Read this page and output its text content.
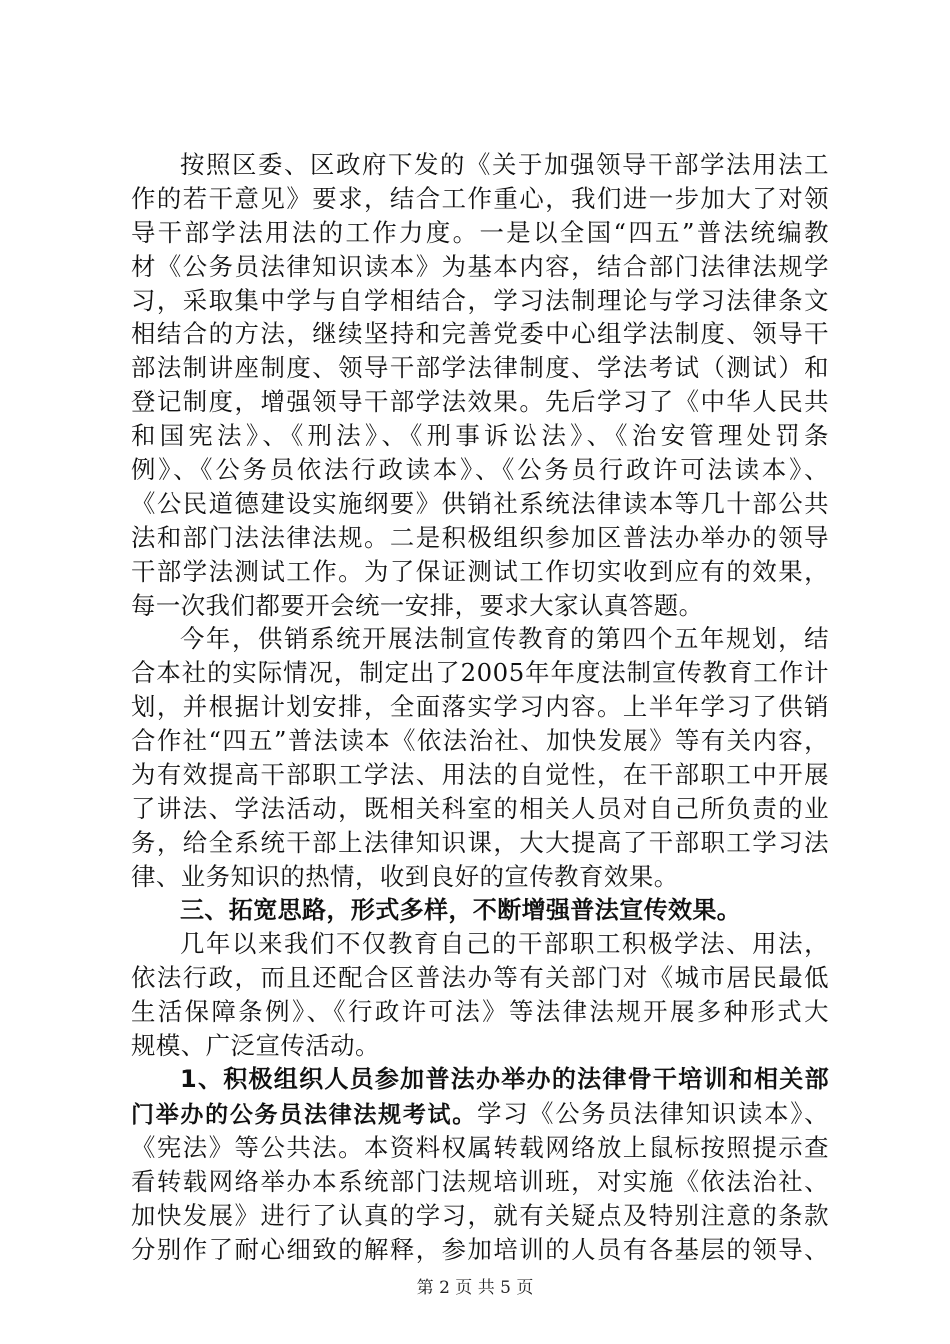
按照区委、区政府下发的《关于加强领导干部学法用法工
作的若干意见》要求，结合工作重心，我们进一步加大了对领
导干部学法用法的工作力度。一是以全国“四五”普法统编教
材《公务员法律知识读本》为基本内容，结合部门法律法规学
习，采取集中学与自学相结合，学习法制理论与学习法律条文
相结合的方法，继续坚持和完善党委中心组学法制度、领导干
部法制讲座制度、领导干部学法律制度、学法考试（测试）和
登记制度，增强领导干部学法效果。先后学习了《中华人民共
和国宪法》、《刑法》、《刑事诉讼法》、《治安管理处罚条
例》、《公务员依法行政读本》、《公务员行政许可法读本》、
《公民道德建设实施纲要》供销社系统法律读本等几十部公共
法和部门法法律法规。二是积极组织参加区普法办举办的领导
干部学法测试工作。为了保证测试工作切实收到应有的效果，
每一次我们都要开会统一安排，要求大家认真答题。
今年，供销系统开展法制宣传教育的第四个五年规划，结
合本社的实际情况，制定出了2005年年度法制宣传教育工作计
划，并根据计划安排，全面落实学习内容。上半年学习了供销
合作社“四五”普法读本《依法治社、加快发展》等有关内容，
为有效提高干部职工学法、用法的自觉性，在干部职工中开展
了讲法、学法活动，既相关科室的相关人员对自己所负责的业
务，给全系统干部上法律知识课，大大提高了干部职工学习法
律、业务知识的热情，收到良好的宣传教育效果。
三、拓宽思路，形式多样，不断增强普法宣传效果。
几年以来我们不仅教育自己的干部职工积极学法、用法，
依法行政，而且还配合区普法办等有关部门对《城市居民最低
生活保障条例》、《行政许可法》等法律法规开展多种形式大
规模、广泛宣传活动。
1、积极组织人员参加普法办举办的法律骨干培训和相关部
门举办的公务员法律法规考试。学习《公务员法律知识读本》、
《宪法》等公共法。本资料权属转载网络放上鼠标按照提示查
看转载网络举办本系统部门法规培训班，对实施《依法治社、
加快发展》进行了认真的学习，就有关疑点及特别注意的条款
分别作了耐心细致的解释，参加培训的人员有各基层的领导、
第 2 页 共 5 页
